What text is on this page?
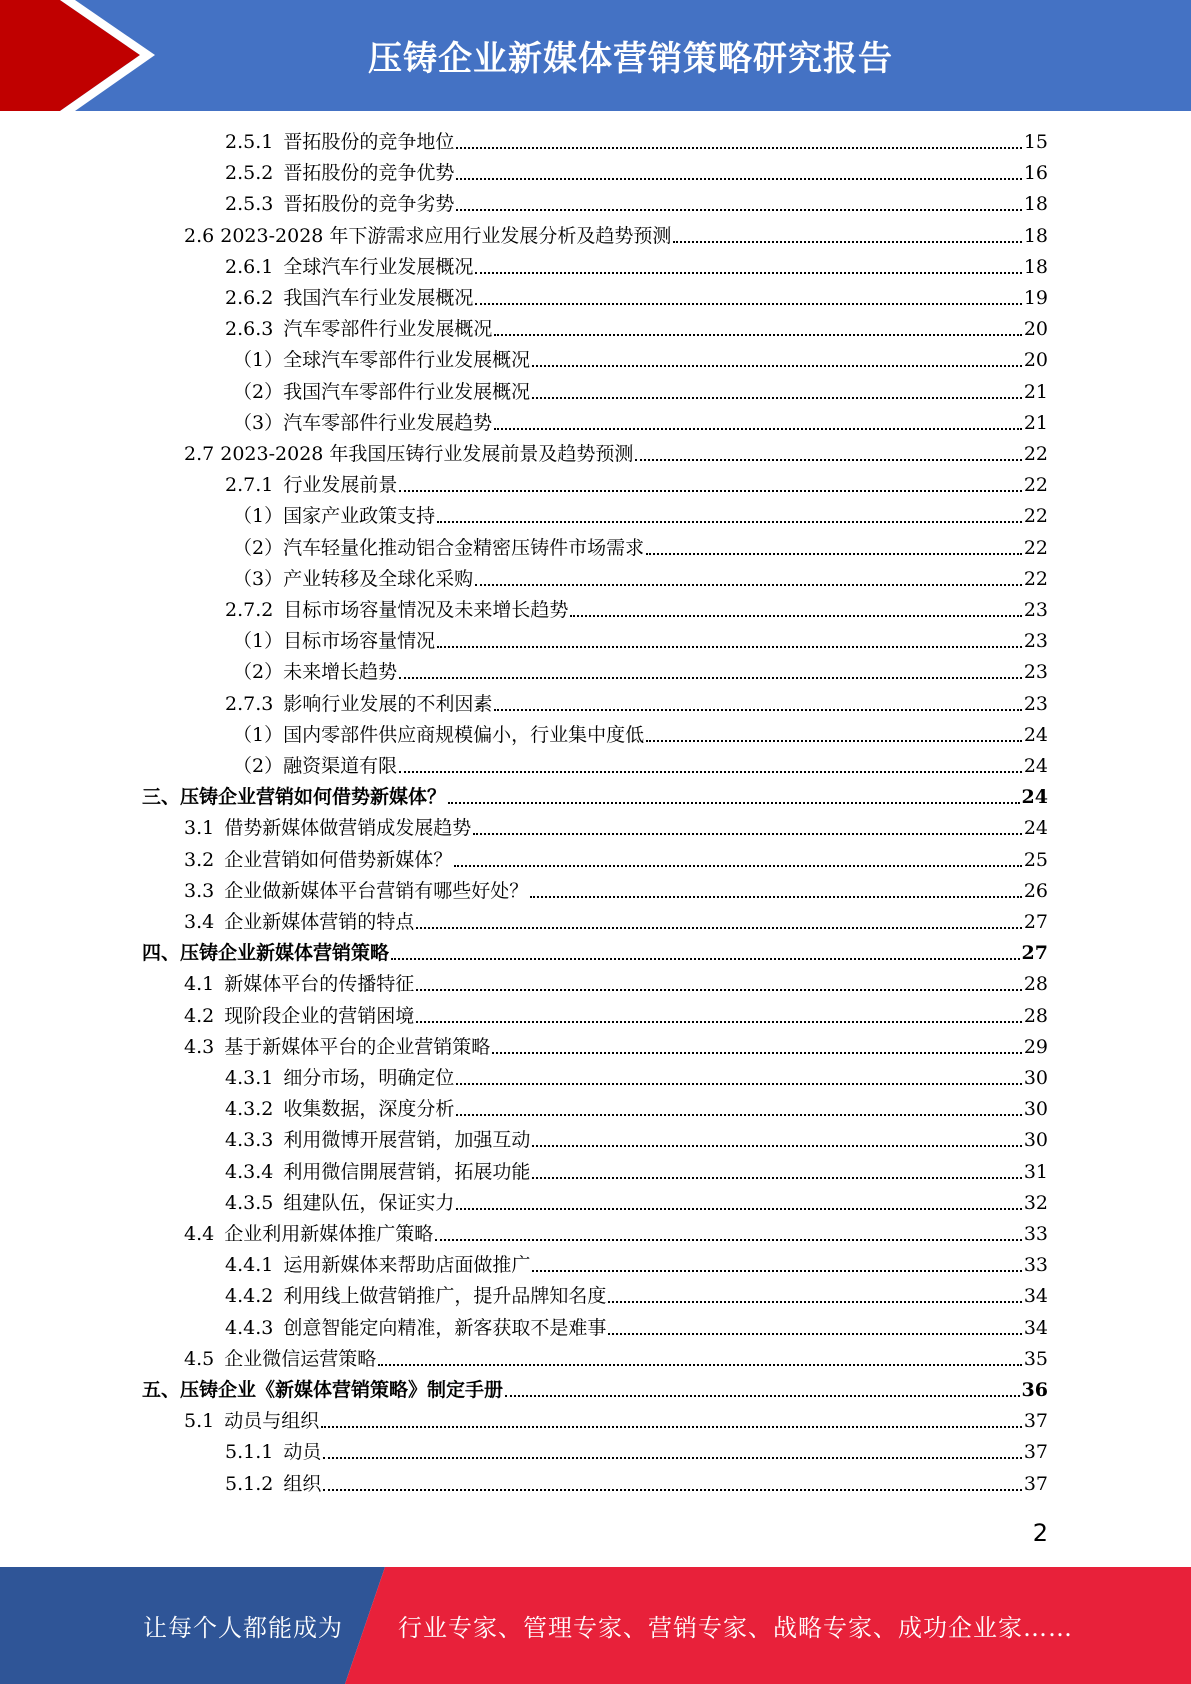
压铸企业新媒体营销策略研究报告
2.5.1 晋拓股份的竞争地位	15
2.5.2 晋拓股份的竞争优势	16
2.5.3 晋拓股份的竞争劣势	18
2.6 2023-2028 年下游需求应用行业发展分析及趋势预测	18
2.6.1 全球汽车行业发展概况	18
2.6.2 我国汽车行业发展概况	19
2.6.3 汽车零部件行业发展概况	20
（1）全球汽车零部件行业发展概况	20
（2）我国汽车零部件行业发展概况	21
（3）汽车零部件行业发展趋势	21
2.7 2023-2028 年我国压铸行业发展前景及趋势预测	22
2.7.1 行业发展前景	22
（1）国家产业政策支持	22
（2）汽车轻量化推动铝合金精密压铸件市场需求	22
（3）产业转移及全球化采购	22
2.7.2 目标市场容量情况及未来增长趋势	23
（1）目标市场容量情况	23
（2）未来增长趋势	23
2.7.3 影响行业发展的不利因素	23
（1）国内零部件供应商规模偏小，行业集中度低	24
（2）融资渠道有限	24
三、压铸企业营销如何借势新媒体？	24
3.1 借势新媒体做营销成发展趋势	24
3.2 企业营销如何借势新媒体？	25
3.3 企业做新媒体平台营销有哪些好处？	26
3.4 企业新媒体营销的特点	27
四、压铸企业新媒体营销策略	27
4.1 新媒体平台的传播特征	28
4.2 现阶段企业的营销困境	28
4.3 基于新媒体平台的企业营销策略	29
4.3.1 细分市场，明确定位	30
4.3.2 收集数据，深度分析	30
4.3.3 利用微博开展营销，加强互动	30
4.3.4 利用微信開展营销，拓展功能	31
4.3.5 组建队伍，保证实力	32
4.4 企业利用新媒体推广策略	33
4.4.1 运用新媒体来帮助店面做推广	33
4.4.2 利用线上做营销推广，提升品牌知名度	34
4.4.3 创意智能定向精准，新客获取不是难事	34
4.5 企业微信运营策略	35
五、压铸企业《新媒体营销策略》制定手册	36
5.1 动员与组织	37
5.1.1 动员	37
5.1.2 组织	37
2
让每个人都能成为 行业专家、管理专家、营销专家、战略专家、成功企业家……
